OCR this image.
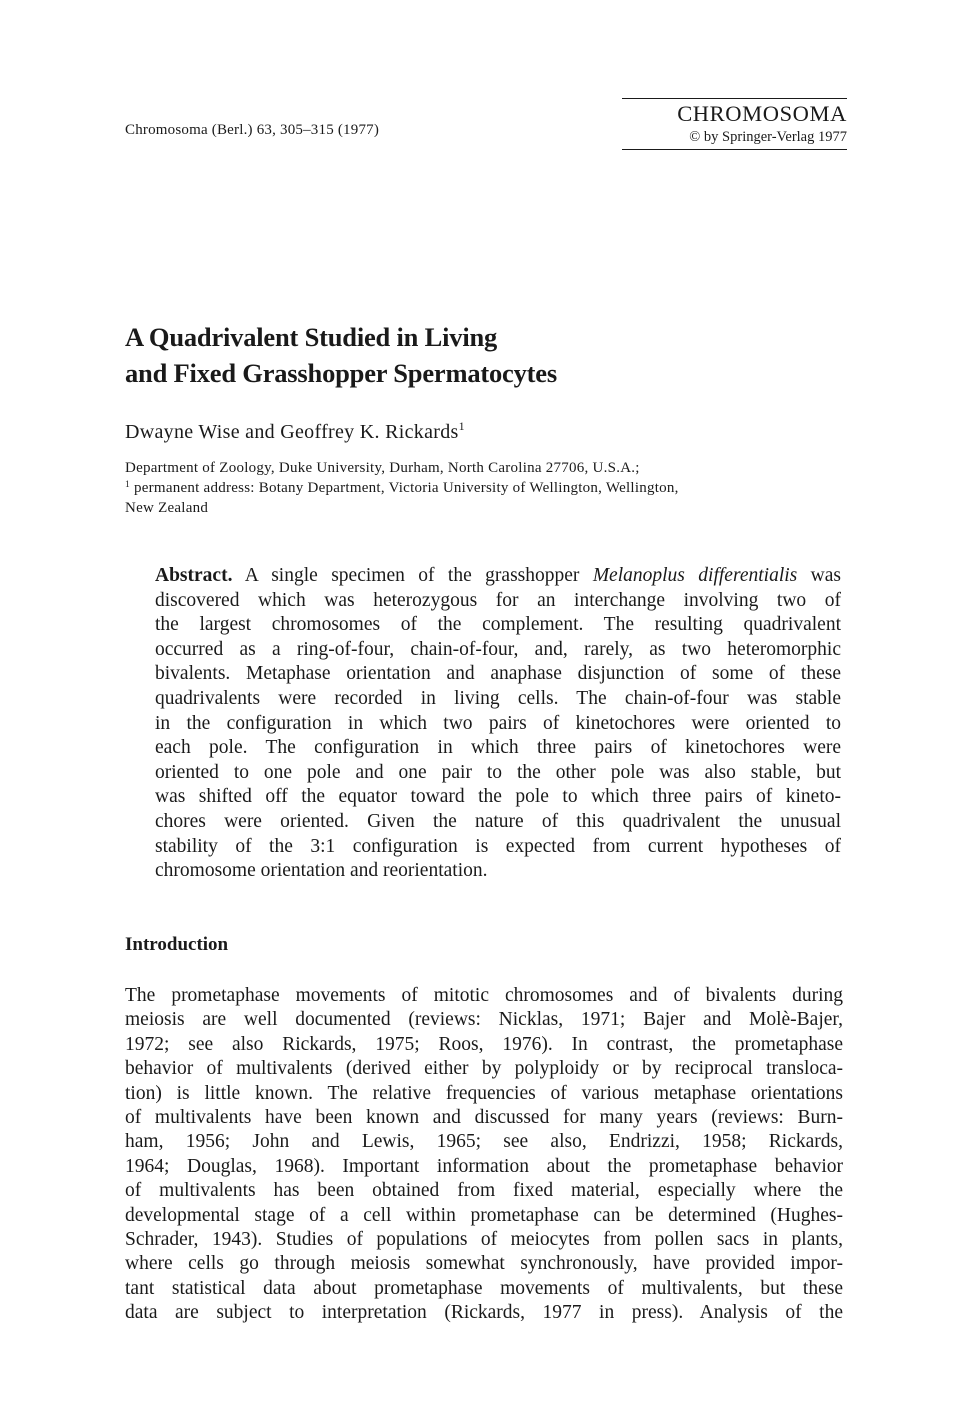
Chromosoma (Berl.) 63, 305–315 (1977)
CHROMOSOMA
© by Springer-Verlag 1977
A Quadrivalent Studied in Living
and Fixed Grasshopper Spermatocytes
Dwayne Wise and Geoffrey K. Rickards$^1$
Department of Zoology, Duke University, Durham, North Carolina 27706, U.S.A.;
$^1$ permanent address: Botany Department, Victoria University of Wellington, Wellington,
New Zealand
Abstract. A single specimen of the grasshopper Melanoplus differentialis was
discovered which was heterozygous for an interchange involving two of
the largest chromosomes of the complement. The resulting quadrivalent
occurred as a ring-of-four, chain-of-four, and, rarely, as two heteromorphic
bivalents. Metaphase orientation and anaphase disjunction of some of these
quadrivalents were recorded in living cells. The chain-of-four was stable
in the configuration in which two pairs of kinetochores were oriented to
each pole. The configuration in which three pairs of kinetochores were
oriented to one pole and one pair to the other pole was also stable, but
was shifted off the equator toward the pole to which three pairs of kineto-
chores were oriented. Given the nature of this quadrivalent the unusual
stability of the 3:1 configuration is expected from current hypotheses of
chromosome orientation and reorientation.
Introduction
The prometaphase movements of mitotic chromosomes and of bivalents during
meiosis are well documented (reviews: Nicklas, 1971; Bajer and Molè-Bajer,
1972; see also Rickards, 1975; Roos, 1976). In contrast, the prometaphase
behavior of multivalents (derived either by polyploidy or by reciprocal transloca-
tion) is little known. The relative frequencies of various metaphase orientations
of multivalents have been known and discussed for many years (reviews: Burn-
ham, 1956; John and Lewis, 1965; see also, Endrizzi, 1958; Rickards,
1964; Douglas, 1968). Important information about the prometaphase behavior
of multivalents has been obtained from fixed material, especially where the
developmental stage of a cell within prometaphase can be determined (Hughes-
Schrader, 1943). Studies of populations of meiocytes from pollen sacs in plants,
where cells go through meiosis somewhat synchronously, have provided impor-
tant statistical data about prometaphase movements of multivalents, but these
data are subject to interpretation (Rickards, 1977 in press). Analysis of the
